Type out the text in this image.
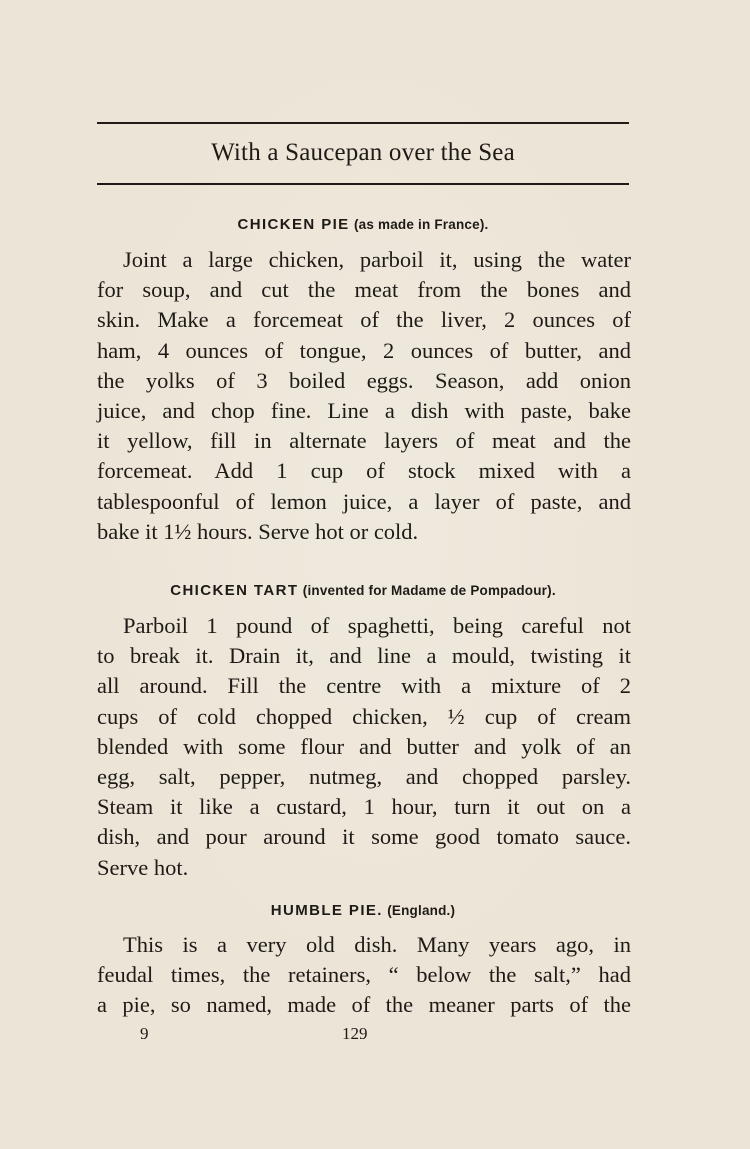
With a Saucepan over the Sea
CHICKEN PIE (as made in France).
Joint a large chicken, parboil it, using the water
for soup, and cut the meat from the bones and
skin. Make a forcemeat of the liver, 2 ounces of
ham, 4 ounces of tongue, 2 ounces of butter, and
the yolks of 3 boiled eggs. Season, add onion
juice, and chop fine. Line a dish with paste, bake
it yellow, fill in alternate layers of meat and the
forcemeat. Add 1 cup of stock mixed with a
tablespoonful of lemon juice, a layer of paste, and
bake it 1½ hours. Serve hot or cold.
CHICKEN TART (invented for Madame de Pompadour).
Parboil 1 pound of spaghetti, being careful not
to break it. Drain it, and line a mould, twisting it
all around. Fill the centre with a mixture of 2
cups of cold chopped chicken, ½ cup of cream
blended with some flour and butter and yolk of an
egg, salt, pepper, nutmeg, and chopped parsley.
Steam it like a custard, 1 hour, turn it out on a
dish, and pour around it some good tomato sauce.
Serve hot.
HUMBLE PIE. (England.)
This is a very old dish. Many years ago, in
feudal times, the retainers, “ below the salt,” had
a pie, so named, made of the meaner parts of the
9	129
